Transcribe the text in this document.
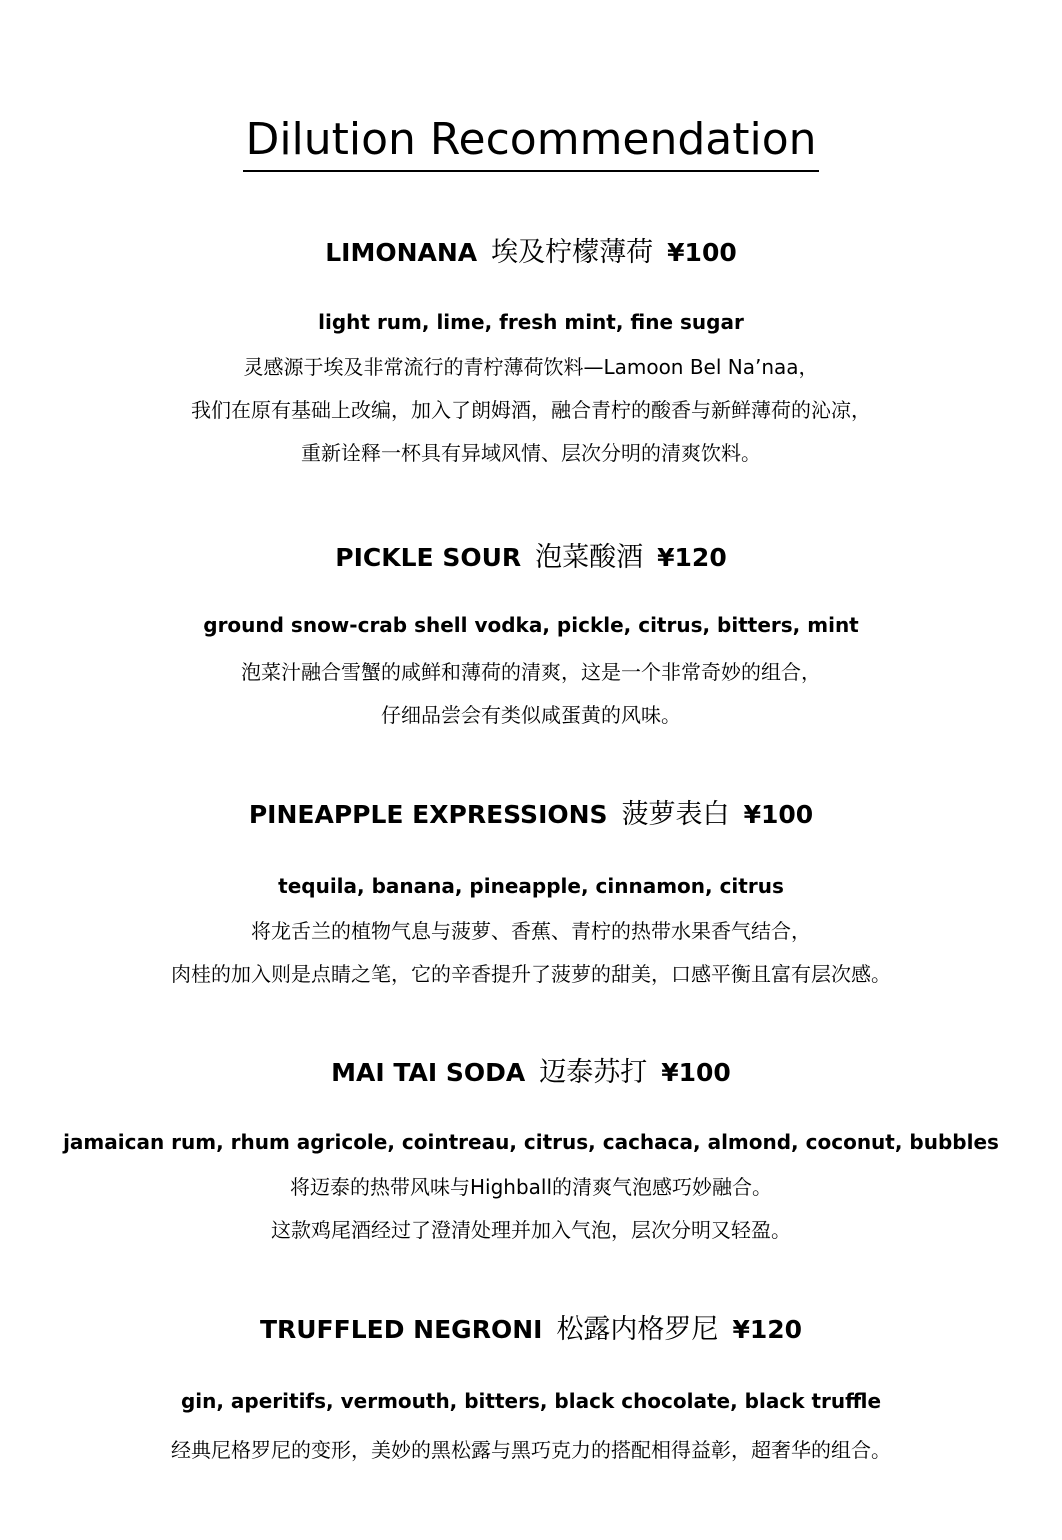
Dilution Recommendation
LIMONANA 埃及柠檬薄荷 ¥100
light rum, lime, fresh mint, fine sugar
灵感源于埃及非常流行的青柠薄荷饮料—Lamoon Bel Na’naa，
我们在原有基础上改编，加入了朗姆酒，融合青柠的酸香与新鲜薄荷的沁凉，
重新诠释一杯具有异域风情、层次分明的清爽饮料。
PICKLE SOUR 泡菜酸酒 ¥120
ground snow-crab shell vodka, pickle, citrus, bitters, mint
泡菜汁融合雪蟹的咸鲜和薄荷的清爽，这是一个非常奇妙的组合，
仔细品尝会有类似咸蛋黄的风味。
PINEAPPLE EXPRESSIONS 菠萝表白 ¥100
tequila, banana, pineapple, cinnamon, citrus
将龙舌兰的植物气息与菠萝、香蕉、青柠的热带水果香气结合，
肉桂的加入则是点睛之笔，它的辛香提升了菠萝的甜美，口感平衡且富有层次感。
MAI TAI SODA 迈泰苏打 ¥100
jamaican rum, rhum agricole, cointreau, citrus, cachaca, almond, coconut, bubbles
将迈泰的热带风味与Highball的清爽气泡感巧妙融合。
这款鸡尾酒经过了澄清处理并加入气泡，层次分明又轻盈。
TRUFFLED NEGRONI 松露内格罗尼 ¥120
gin, aperitifs, vermouth, bitters, black chocolate, black truffle
经典尼格罗尼的变形，美妙的黑松露与黑巧克力的搭配相得益彰，超奢华的组合。
